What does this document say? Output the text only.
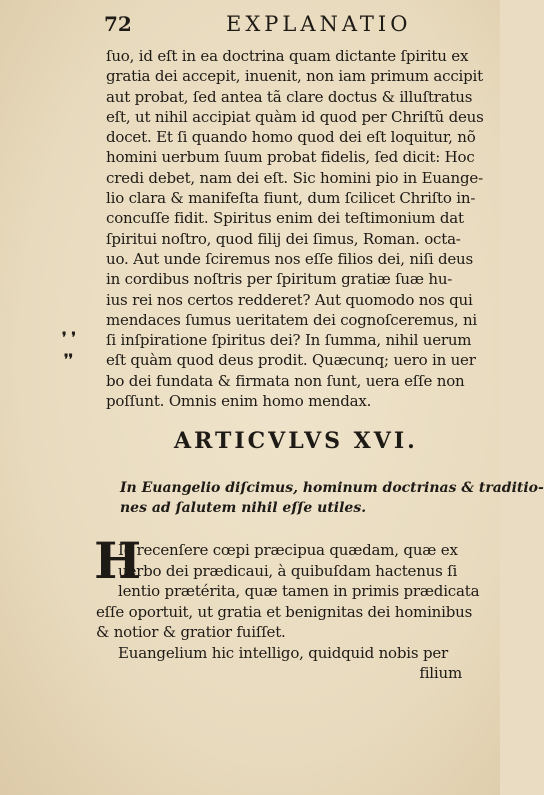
72	EXPLANATIO
ſuo, id eſt in ea doctrina quam dictante ſpiritu ex
gratia dei accepit, inuenit, non iam primum accipit
aut probat, ſed antea tã clare doctus & illuſtratus
eſt, ut nihil accipiat quàm id quod per Chriſtũ deus
docet. Et ſi quando homo quod dei eſt loquitur, nõ
homini uerbum ſuum probat fidelis, ſed dicit: Hoc
credi debet, nam dei eſt. Sic homini pio in Euange-
lio clara & manifeſta fiunt, dum ſcilicet Chriſto in-
concuſſe fidit. Spiritus enim dei teſtimonium dat
ſpiritui noſtro, quod filij dei ſimus, Roman. octa-
uo. Aut unde ſciremus nos eſſe filios dei, niſi deus
in cordibus noſtris per ſpiritum gratiæ ſuæ hu-
ius rei nos certos redderet? Aut quomodo nos qui
mendaces ſumus ueritatem dei cognoſceremus, ni
ſi inſpiratione ſpiritus dei? In ſumma, nihil uerum
eſt quàm quod deus prodit. Quæcunq; uero in uer
bo dei fundata & firmata non ſunt, uera eſſe non
poſſunt. Omnis enim homo mendax.
❜ ❜
❜❜
ARTICVLVS XVI.
In Euangelio diſcimus, hominum doctrinas & traditio-
nes ad ſalutem nihil eſſe utiles.
H
Ic recenſere cœpi præcipua quædam, quæ ex
uerbo dei prædicaui, à quibuſdam hactenus ſi
lentio prætérita, quæ tamen in primis prædicata
eſſe oportuit, ut gratia et benignitas dei hominibus
& notior & gratior fuiſſet.
Euangelium hic intelligo, quidquid nobis per
filium
